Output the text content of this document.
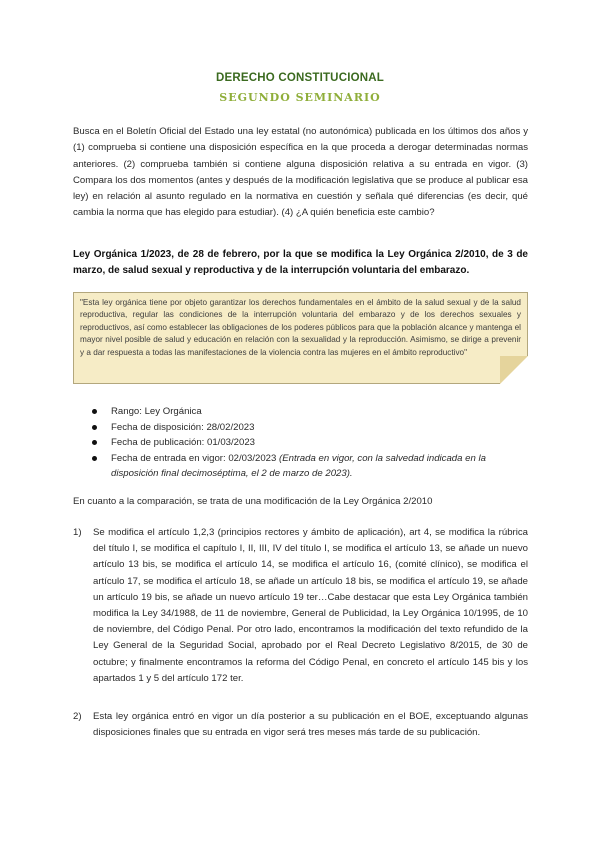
DERECHO CONSTITUCIONAL
SEGUNDO SEMINARIO
Busca en el Boletín Oficial del Estado una ley estatal (no autonómica) publicada en los últimos dos años y (1) comprueba si contiene una disposición específica en la que proceda a derogar determinadas normas anteriores. (2) comprueba también si contiene alguna disposición relativa a su entrada en vigor. (3) Compara los dos momentos (antes y después de la modificación legislativa que se produce al publicar esa ley) en relación al asunto regulado en la normativa en cuestión y señala qué diferencias (es decir, qué cambia la norma que has elegido para estudiar). (4) ¿A quién beneficia este cambio?
Ley Orgánica 1/2023, de 28 de febrero, por la que se modifica la Ley Orgánica 2/2010, de 3 de marzo, de salud sexual y reproductiva y de la interrupción voluntaria del embarazo.
"Esta ley orgánica tiene por objeto garantizar los derechos fundamentales en el ámbito de la salud sexual y de la salud reproductiva, regular las condiciones de la interrupción voluntaria del embarazo y de los derechos sexuales y reproductivos, así como establecer las obligaciones de los poderes públicos para que la población alcance y mantenga el mayor nivel posible de salud y educación en relación con la sexualidad y la reproducción. Asimismo, se dirige a prevenir y a dar respuesta a todas las manifestaciones de la violencia contra las mujeres en el ámbito reproductivo"
Rango: Ley Orgánica
Fecha de disposición: 28/02/2023
Fecha de publicación: 01/03/2023
Fecha de entrada en vigor: 02/03/2023 (Entrada en vigor, con la salvedad indicada en la disposición final decimoséptima, el 2 de marzo de 2023).
En cuanto a la comparación, se trata de una modificación de la Ley Orgánica 2/2010
1) Se modifica el artículo 1,2,3 (principios rectores y ámbito de aplicación), art 4, se modifica la rúbrica del título I, se modifica el capítulo I, II, III, IV del título I, se modifica el artículo 13, se añade un nuevo artículo 13 bis, se modifica el artículo 14, se modifica el artículo 16, (comité clínico), se modifica el artículo 17, se modifica el artículo 18, se añade un artículo 18 bis, se modifica el artículo 19, se añade un artículo 19 bis, se añade un nuevo artículo 19 ter…Cabe destacar que esta Ley Orgánica también modifica la Ley 34/1988, de 11 de noviembre, General de Publicidad, la Ley Orgánica 10/1995, de 10 de noviembre, del Código Penal. Por otro lado, encontramos la modificación del texto refundido de la Ley General de la Seguridad Social, aprobado por el Real Decreto Legislativo 8/2015, de 30 de octubre; y finalmente encontramos la reforma del Código Penal, en concreto el artículo 145 bis y los apartados 1 y 5 del artículo 172 ter.
2) Esta ley orgánica entró en vigor un día posterior a su publicación en el BOE, exceptuando algunas disposiciones finales que su entrada en vigor será tres meses más tarde de su publicación.
